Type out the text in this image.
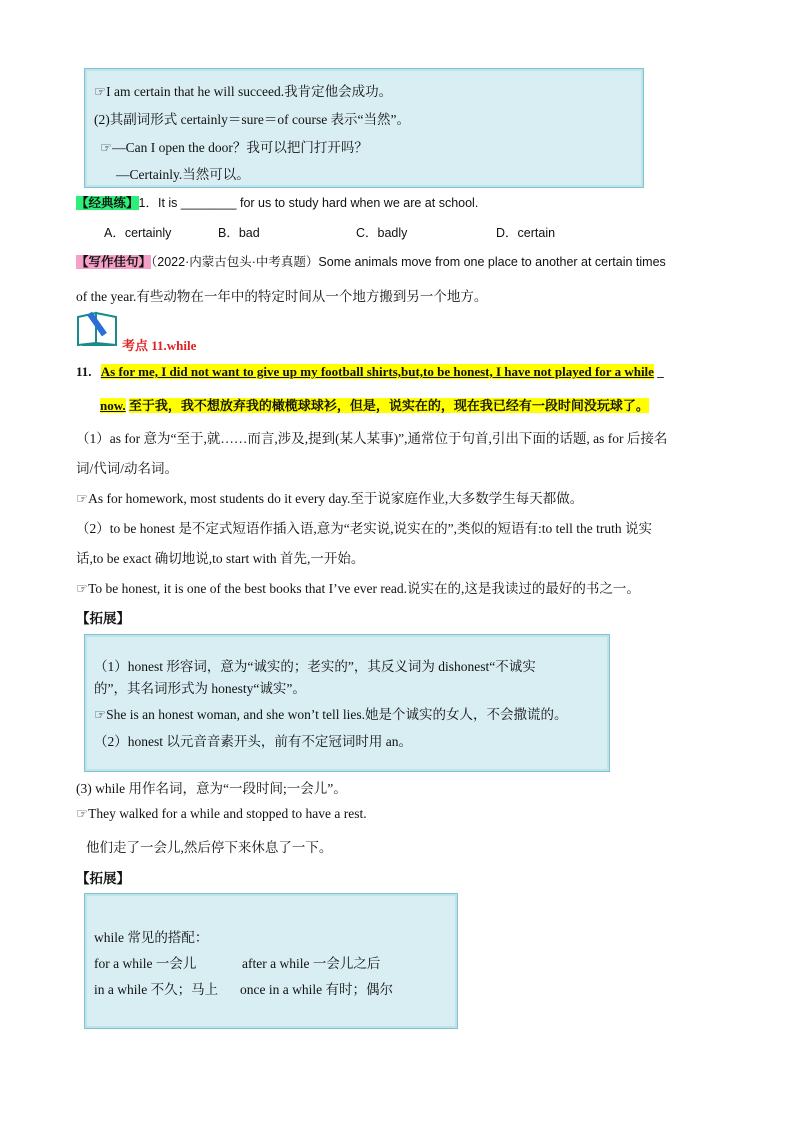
☞I am certain that he will succeed.我肯定他会成功。
(2)其副词形式 certainly＝sure＝of course 表示“当然”。
☞—Can I open the door？我可以把门打开吗？
—Certainly.当然可以。
【经典练】1．It is ________ for us to study hard when we are at school.
A．certainly	B．bad	C．badly	D．certain
【写作佳句】（2022·内蒙古包头·中考真题）Some animals move from one place to another at certain times
of the year.有些动物在一年中的特定时间从一个地方搬到另一个地方。
考点 11.while
11. As for me, I did not want to give up my football shirts,but,to be honest, I have not played for a while _
now. 至于我，我不想放弃我的橄榄球球衫，但是，说实在的，现在我已经有一段时间没玩球了。
（1）as for 意为“至于,就……而言,涉及,提到(某人某事)”,通常位于句首,引出下面的话题, as for 后接名
词/代词/动名词。
☞As for homework, most students do it every day.至于说家庭作业,大多数学生每天都做。
（2）to be honest 是不定式短语作插入语,意为“老实说,说实在的”,类似的短语有:to tell the truth 说实
话,to be exact 确切地说,to start with 首先,一开始。
☞To be honest, it is one of the best books that I’ve ever read.说实在的,这是我读过的最好的书之一。
【拓展】
（1）honest 形容词，意为“诚实的；老实的”，其反义词为 dishonest“不诚实
的”，其名词形式为 honesty“诚实”。
☞She is an honest woman, and she won’t tell lies.她是个诚实的女人，不会撒谎的。
（2）honest 以元音音素开头，前有不定冠词时用 an。
(3) while 用作名词，意为“一段时间;一会儿”。
☞They walked for a while and stopped to have a rest.
他们走了一会儿,然后停下来休息了一下。
【拓展】
while 常见的搭配：
for a while 一会儿	after a while 一会儿之后
in a while 不久；马上 once in a while 有时；偶尔
